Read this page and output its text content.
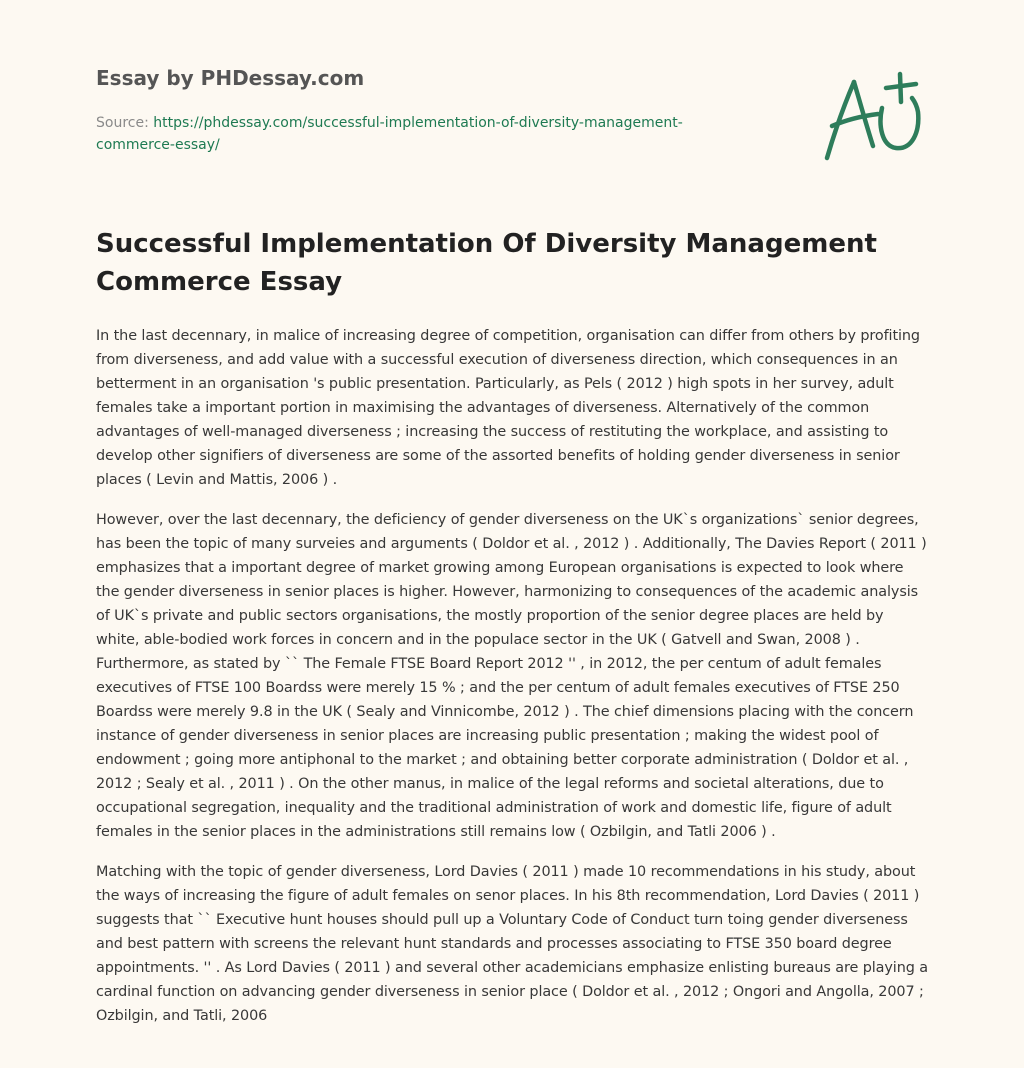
Essay by PHDessay.com

Source: https://phdessay.com/successful-implementation-of-diversity-management-commerce-essay/

Successful Implementation Of Diversity Management Commerce Essay

In the last decennary, in malice of increasing degree of competition, organisation can differ from others by profiting from diverseness, and add value with a successful execution of diverseness direction, which consequences in an betterment in an organisation 's public presentation. Particularly, as Pels ( 2012 ) high spots in her survey, adult females take a important portion in maximising the advantages of diverseness. Alternatively of the common advantages of well-managed diverseness ; increasing the success of restituting the workplace, and assisting to develop other signifiers of diverseness are some of the assorted benefits of holding gender diverseness in senior places ( Levin and Mattis, 2006 ) .

However, over the last decennary, the deficiency of gender diverseness on the UK`s organizations` senior degrees, has been the topic of many surveies and arguments ( Doldor et al. , 2012 ) . Additionally, The Davies Report ( 2011 ) emphasizes that a important degree of market growing among European organisations is expected to look where the gender diverseness in senior places is higher. However, harmonizing to consequences of the academic analysis of UK`s private and public sectors organisations, the mostly proportion of the senior degree places are held by white, able-bodied work forces in concern and in the populace sector in the UK ( Gatvell and Swan, 2008 ) . Furthermore, as stated by `` The Female FTSE Board Report 2012 '' , in 2012, the per centum of adult females executives of FTSE 100 Boardss were merely 15 % ; and the per centum of adult females executives of FTSE 250 Boardss were merely 9.8 in the UK ( Sealy and Vinnicombe, 2012 ) . The chief dimensions placing with the concern instance of gender diverseness in senior places are increasing public presentation ; making the widest pool of endowment ; going more antiphonal to the market ; and obtaining better corporate administration ( Doldor et al. , 2012 ; Sealy et al. , 2011 ) . On the other manus, in malice of the legal reforms and societal alterations, due to occupational segregation, inequality and the traditional administration of work and domestic life, figure of adult females in the senior places in the administrations still remains low ( Ozbilgin, and Tatli 2006 ) .

Matching with the topic of gender diverseness, Lord Davies ( 2011 ) made 10 recommendations in his study, about the ways of increasing the figure of adult females on senor places. In his 8th recommendation, Lord Davies ( 2011 ) suggests that `` Executive hunt houses should pull up a Voluntary Code of Conduct turn toing gender diverseness and best pattern with screens the relevant hunt standards and processes associating to FTSE 350 board degree appointments. '' . As Lord Davies ( 2011 ) and several other academicians emphasize enlisting bureaus are playing a cardinal function on advancing gender diverseness in senior place ( Doldor et al. , 2012 ; Ongori and Angolla, 2007 ; Ozbilgin, and Tatli, 2006
